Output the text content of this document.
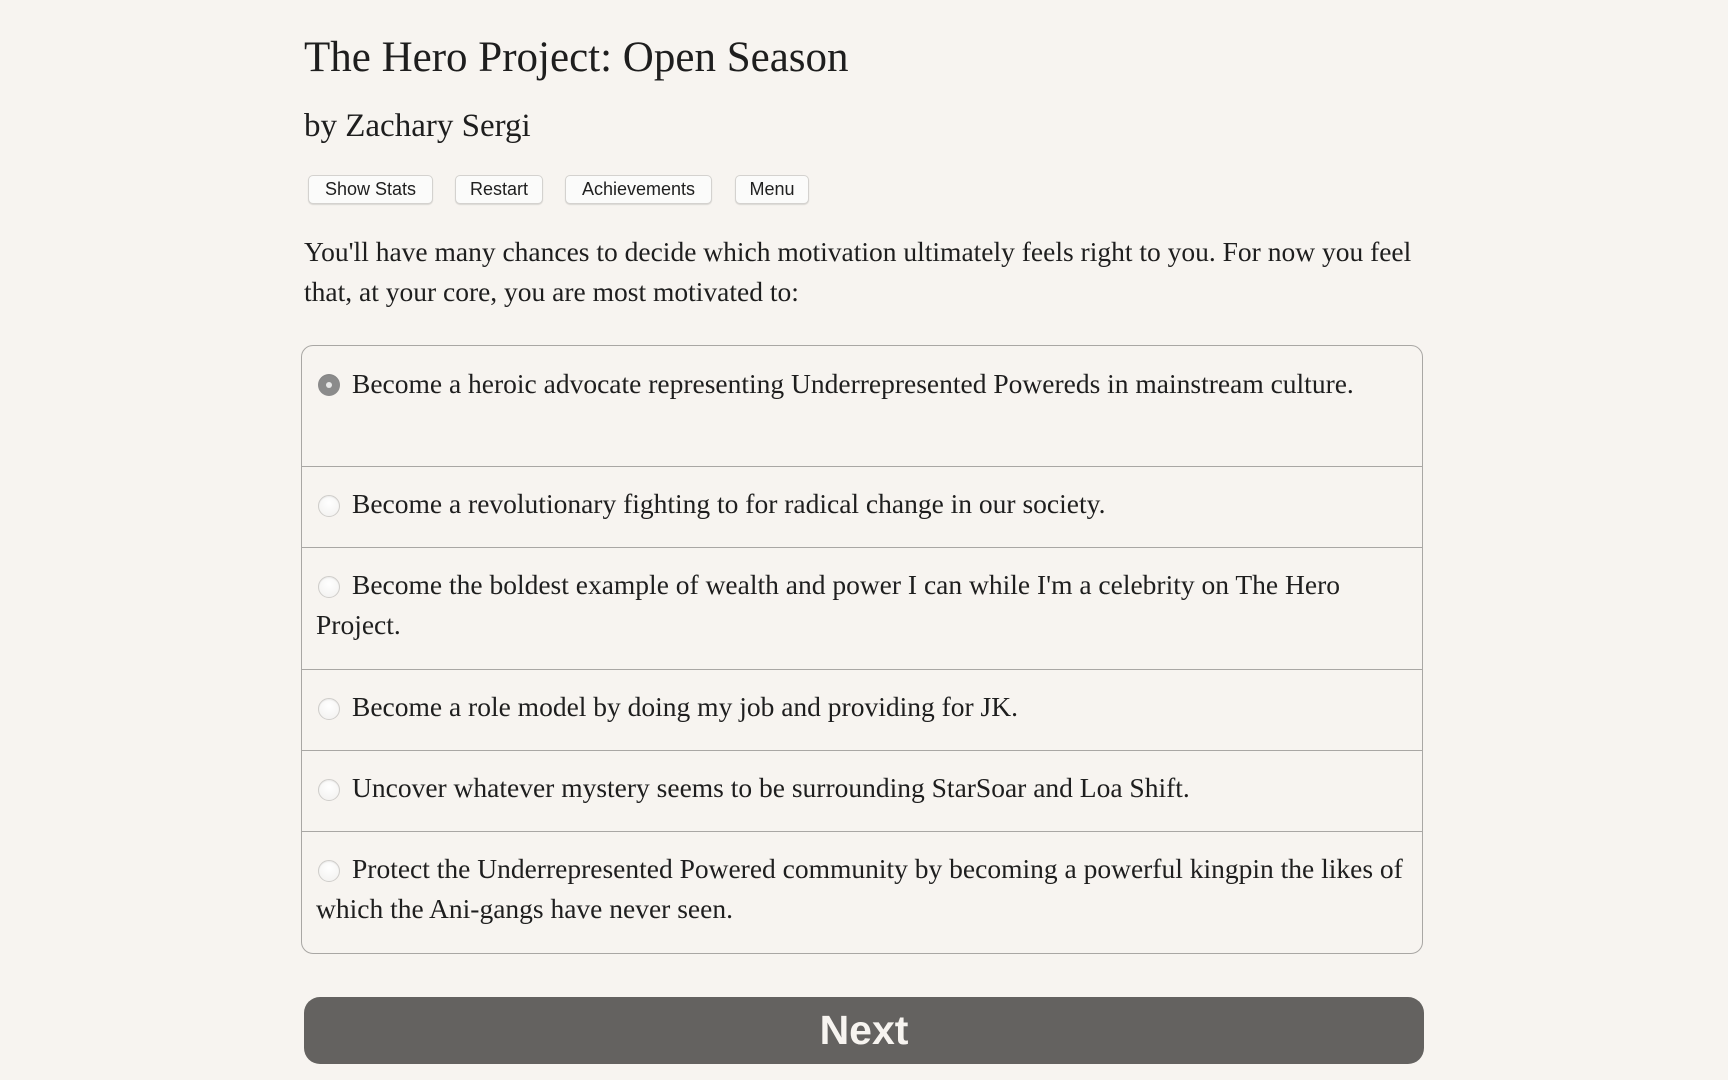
The Hero Project: Open Season
by Zachary Sergi
Show Stats	Restart	Achievements	Menu

You'll have many chances to decide which motivation ultimately feels right to you. For now you feel that, at your core, you are most motivated to:

Become a heroic advocate representing Underrepresented Powereds in mainstream culture.
Become a revolutionary fighting to for radical change in our society.
Become the boldest example of wealth and power I can while I'm a celebrity on The Hero Project.
Become a role model by doing my job and providing for JK.
Uncover whatever mystery seems to be surrounding StarSoar and Loa Shift.
Protect the Underrepresented Powered community by becoming a powerful kingpin the likes of which the Ani-gangs have never seen.
Next
